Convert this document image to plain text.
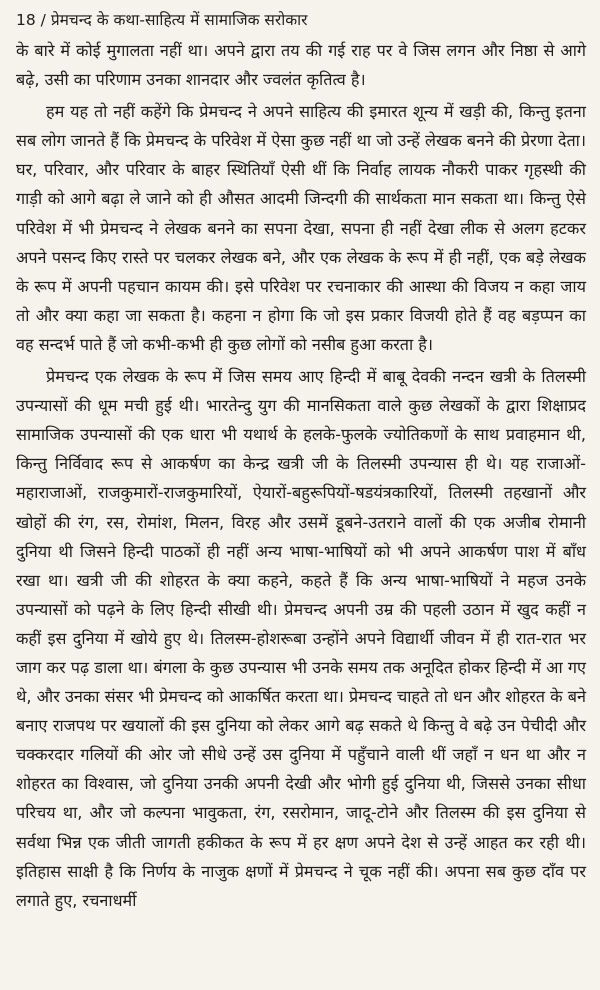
18 / प्रेमचन्द के कथा-साहित्य में सामाजिक सरोकार

के बारे में कोई मुगालता नहीं था। अपने द्वारा तय की गई राह पर वे जिस लगन और निष्ठा से आगे बढ़े, उसी का परिणाम उनका शानदार और ज्वलंत कृतित्व है।

हम यह तो नहीं कहेंगे कि प्रेमचन्द ने अपने साहित्य की इमारत शून्य में खड़ी की, किन्तु इतना सब लोग जानते हैं कि प्रेमचन्द के परिवेश में ऐसा कुछ नहीं था जो उन्हें लेखक बनने की प्रेरणा देता। घर, परिवार, और परिवार के बाहर स्थितियाँ ऐसी थीं कि निर्वाह लायक नौकरी पाकर गृहस्थी की गाड़ी को आगे बढ़ा ले जाने को ही औसत आदमी जिन्दगी की सार्थकता मान सकता था। किन्तु ऐसे परिवेश में भी प्रेमचन्द ने लेखक बनने का सपना देखा, सपना ही नहीं देखा लीक से अलग हटकर अपने पसन्द किए रास्ते पर चलकर लेखक बने, और एक लेखक के रूप में ही नहीं, एक बड़े लेखक के रूप में अपनी पहचान कायम की। इसे परिवेश पर रचनाकार की आस्था की विजय न कहा जाय तो और क्या कहा जा सकता है। कहना न होगा कि जो इस प्रकार विजयी होते हैं वह बड़प्पन का वह सन्दर्भ पाते हैं जो कभी-कभी ही कुछ लोगों को नसीब हुआ करता है।

प्रेमचन्द एक लेखक के रूप में जिस समय आए हिन्दी में बाबू देवकी नन्दन खत्री के तिलस्मी उपन्यासों की धूम मची हुई थी। भारतेन्दु युग की मानसिकता वाले कुछ लेखकों के द्वारा शिक्षाप्रद सामाजिक उपन्यासों की एक धारा भी यथार्थ के हलके-फुलके ज्योतिकणों के साथ प्रवाहमान थी, किन्तु निर्विवाद रूप से आकर्षण का केन्द्र खत्री जी के तिलस्मी उपन्यास ही थे। यह राजाओं-महाराजाओं, राजकुमारों-राजकुमारियों, ऐयारों-बहुरूपियों-षडयंत्रकारियों, तिलस्मी तहखानों और खोहों की रंग, रस, रोमांश, मिलन, विरह और उसमें डूबने-उतराने वालों की एक अजीब रोमानी दुनिया थी जिसने हिन्दी पाठकों ही नहीं अन्य भाषा-भाषियों को भी अपने आकर्षण पाश में बाँध रखा था। खत्री जी की शोहरत के क्या कहने, कहते हैं कि अन्य भाषा-भाषियों ने महज उनके उपन्यासों को पढ़ने के लिए हिन्दी सीखी थी। प्रेमचन्द अपनी उम्र की पहली उठान में खुद कहीं न कहीं इस दुनिया में खोये हुए थे। तिलस्म-होशरूबा उन्होंने अपने विद्यार्थी जीवन में ही रात-रात भर जाग कर पढ़ डाला था। बंगला के कुछ उपन्यास भी उनके समय तक अनूदित होकर हिन्दी में आ गए थे, और उनका संसर भी प्रेमचन्द को आकर्षित करता था। प्रेमचन्द चाहते तो धन और शोहरत के बने बनाए राजपथ पर खयालों की इस दुनिया को लेकर आगे बढ़ सकते थे किन्तु वे बढ़े उन पेचीदी और चक्करदार गलियों की ओर जो सीधे उन्हें उस दुनिया में पहुँचाने वाली थीं जहाँ न धन था और न शोहरत का विश्वास, जो दुनिया उनकी अपनी देखी और भोगी हुई दुनिया थी, जिससे उनका सीधा परिचय था, और जो कल्पना भावुकता, रंग, रसरोमान, जादू-टोने और तिलस्म की इस दुनिया से सर्वथा भिन्न एक जीती जागती हकीकत के रूप में हर क्षण अपने देश से उन्हें आहत कर रही थी। इतिहास साक्षी है कि निर्णय के नाजुक क्षणों में प्रेमचन्द ने चूक नहीं की। अपना सब कुछ दाँव पर लगाते हुए, रचनाधर्मी
